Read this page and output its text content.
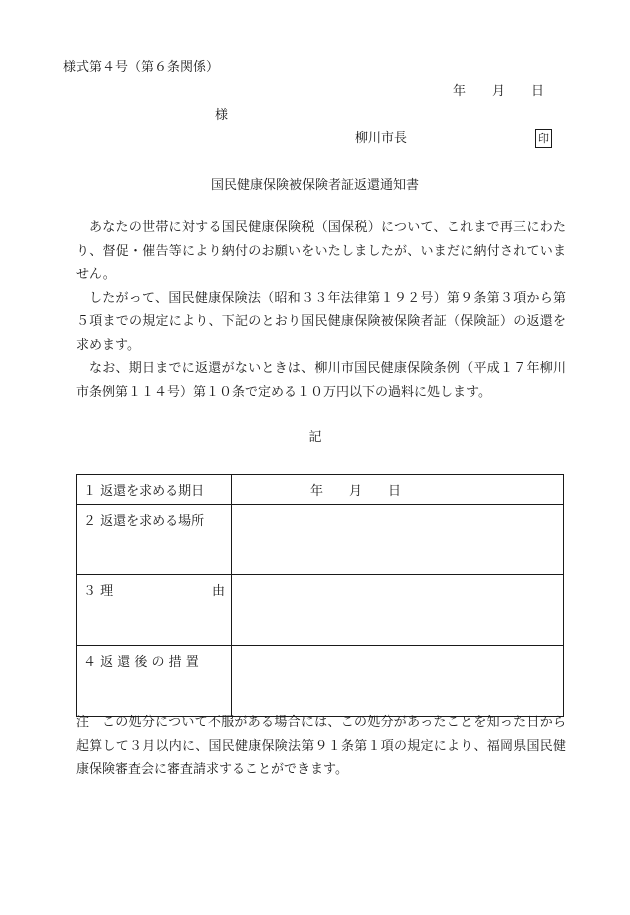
様式第４号（第６条関係）
年 月 日
様
柳川市長	印
国民健康保険被保険者証返還通知書

あなたの世帯に対する国民健康保険税（国保税）について、これまで再三にわたり、督促・催告等により納付のお願いをいたしましたが、いまだに納付されていません。

したがって、国民健康保険法（昭和３３年法律第１９２号）第９条第３項から第５項までの規定により、下記のとおり国民健康保険被保険者証（保険証）の返還を求めます。

なお、期日までに返還がないときは、柳川市国民健康保険条例（平成１７年柳川市条例第１１４号）第１０条で定める１０万円以下の過料に処します。

記
１ 返還を求める期日	年 月 日
２ 返還を求める場所	

３ 理 由	

４ 返 還 後 の 措 置	
注 この処分について不服がある場合には、この処分があったことを知った日から起算して３月以内に、国民健康保険法第９１条第１項の規定により、福岡県国民健康保険審査会に審査請求することができます。
